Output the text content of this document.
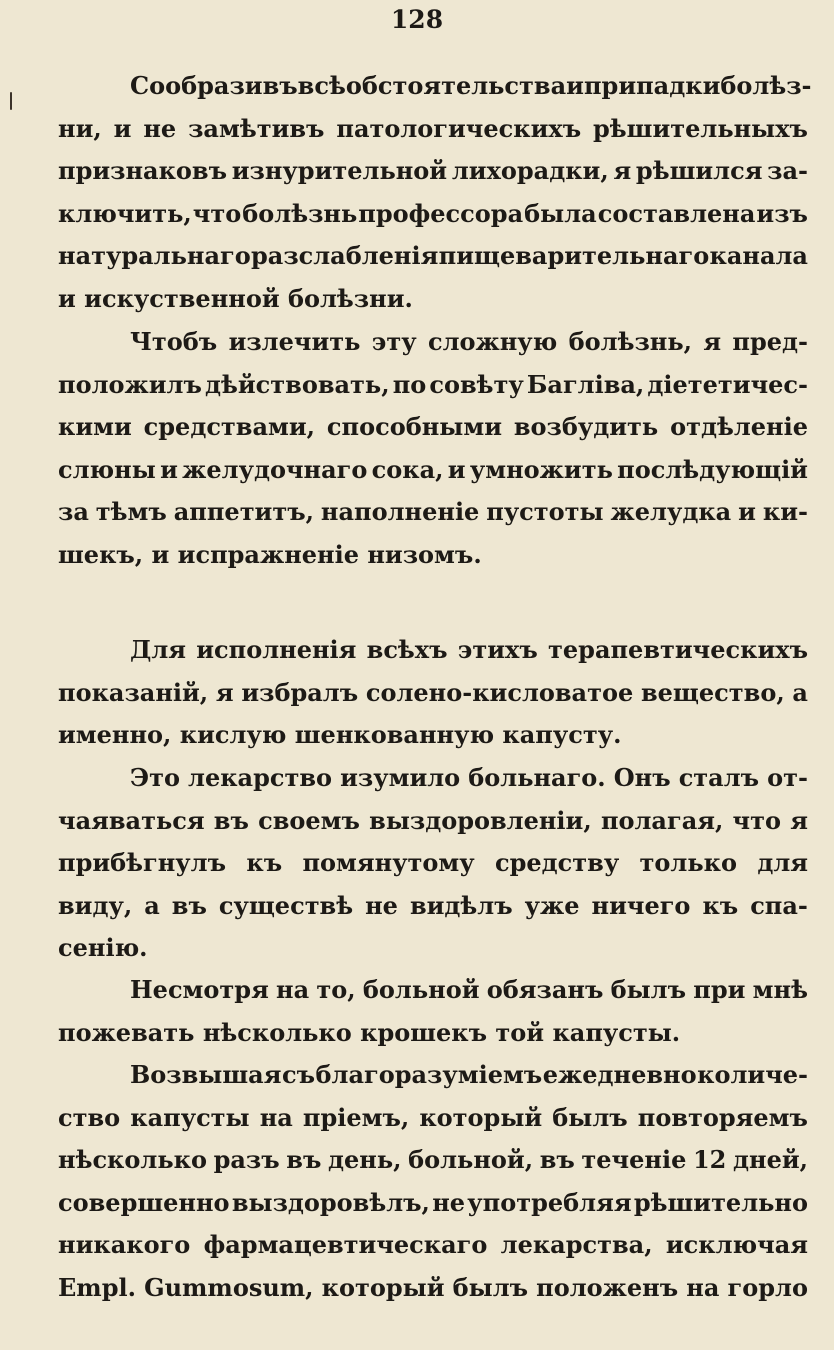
128
Сообразивъ всѣ обстоятельства и припадки болѣз-
ни, и не замѣтивъ патологическихъ рѣшительныхъ
признаковъ изнурительной лихорадки, я рѣшился за-
ключить, что болѣзнь профессора была составлена изъ
натуральнаго разслабленія пищеварительнаго канала
и искуственной болѣзни.
Чтобъ излечить эту сложную болѣзнь, я пред-
положилъ дѣйствовать, по совѣту Багліва, діететичес-
кими средствами, способными возбудить отдѣленіе
слюны и желудочнаго сока, и умножить послѣдующій
за тѣмъ аппетитъ, наполненіе пустоты желудка и ки-
шекъ, и испражненіе низомъ.
Для исполненія всѣхъ этихъ терапевтическихъ
показаній, я избралъ солено-кисловатое вещество, а
именно, кислую шенкованную капусту.
Это лекарство изумило больнаго. Онъ сталъ от-
чаяваться въ своемъ выздоровленіи, полагая, что я
прибѣгнулъ къ помянутому средству только для
виду, а въ существѣ не видѣлъ уже ничего къ спа-
сенію.
Несмотря на то, больной обязанъ былъ при мнѣ
пожевать нѣсколько крошекъ той капусты.
Возвышая съ благоразуміемъ ежедневно количе-
ство капусты на пріемъ, который былъ повторяемъ
нѣсколько разъ въ день, больной, въ теченіе 12 дней,
совершенно выздоровѣлъ, не употребляя рѣшительно
никакого фармацевтическаго лекарства, исключая
Empl. Gummosum, который былъ положенъ на горло
